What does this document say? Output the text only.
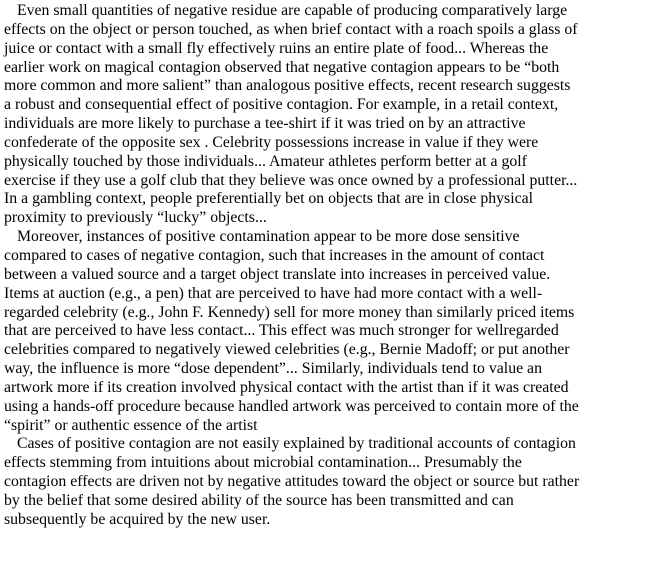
Even small quantities of negative residue are capable of producing comparatively large
effects on the object or person touched, as when brief contact with a roach spoils a glass of
juice or contact with a small fly effectively ruins an entire plate of food... Whereas the
earlier work on magical contagion observed that negative contagion appears to be “both
more common and more salient” than analogous positive effects, recent research suggests
a robust and consequential effect of positive contagion. For example, in a retail context,
individuals are more likely to purchase a tee-shirt if it was tried on by an attractive
confederate of the opposite sex . Celebrity possessions increase in value if they were
physically touched by those individuals... Amateur athletes perform better at a golf
exercise if they use a golf club that they believe was once owned by a professional putter...
In a gambling context, people preferentially bet on objects that are in close physical
proximity to previously “lucky” objects...

Moreover, instances of positive contamination appear to be more dose sensitive
compared to cases of negative contagion, such that increases in the amount of contact
between a valued source and a target object translate into increases in perceived value.
Items at auction (e.g., a pen) that are perceived to have had more contact with a well-
regarded celebrity (e.g., John F. Kennedy) sell for more money than similarly priced items
that are perceived to have less contact... This effect was much stronger for wellregarded
celebrities compared to negatively viewed celebrities (e.g., Bernie Madoff; or put another
way, the influence is more “dose dependent”... Similarly, individuals tend to value an
artwork more if its creation involved physical contact with the artist than if it was created
using a hands-off procedure because handled artwork was perceived to contain more of the
“spirit” or authentic essence of the artist

Cases of positive contagion are not easily explained by traditional accounts of contagion
effects stemming from intuitions about microbial contamination... Presumably the
contagion effects are driven not by negative attitudes toward the object or source but rather
by the belief that some desired ability of the source has been transmitted and can
subsequently be acquired by the new user.
